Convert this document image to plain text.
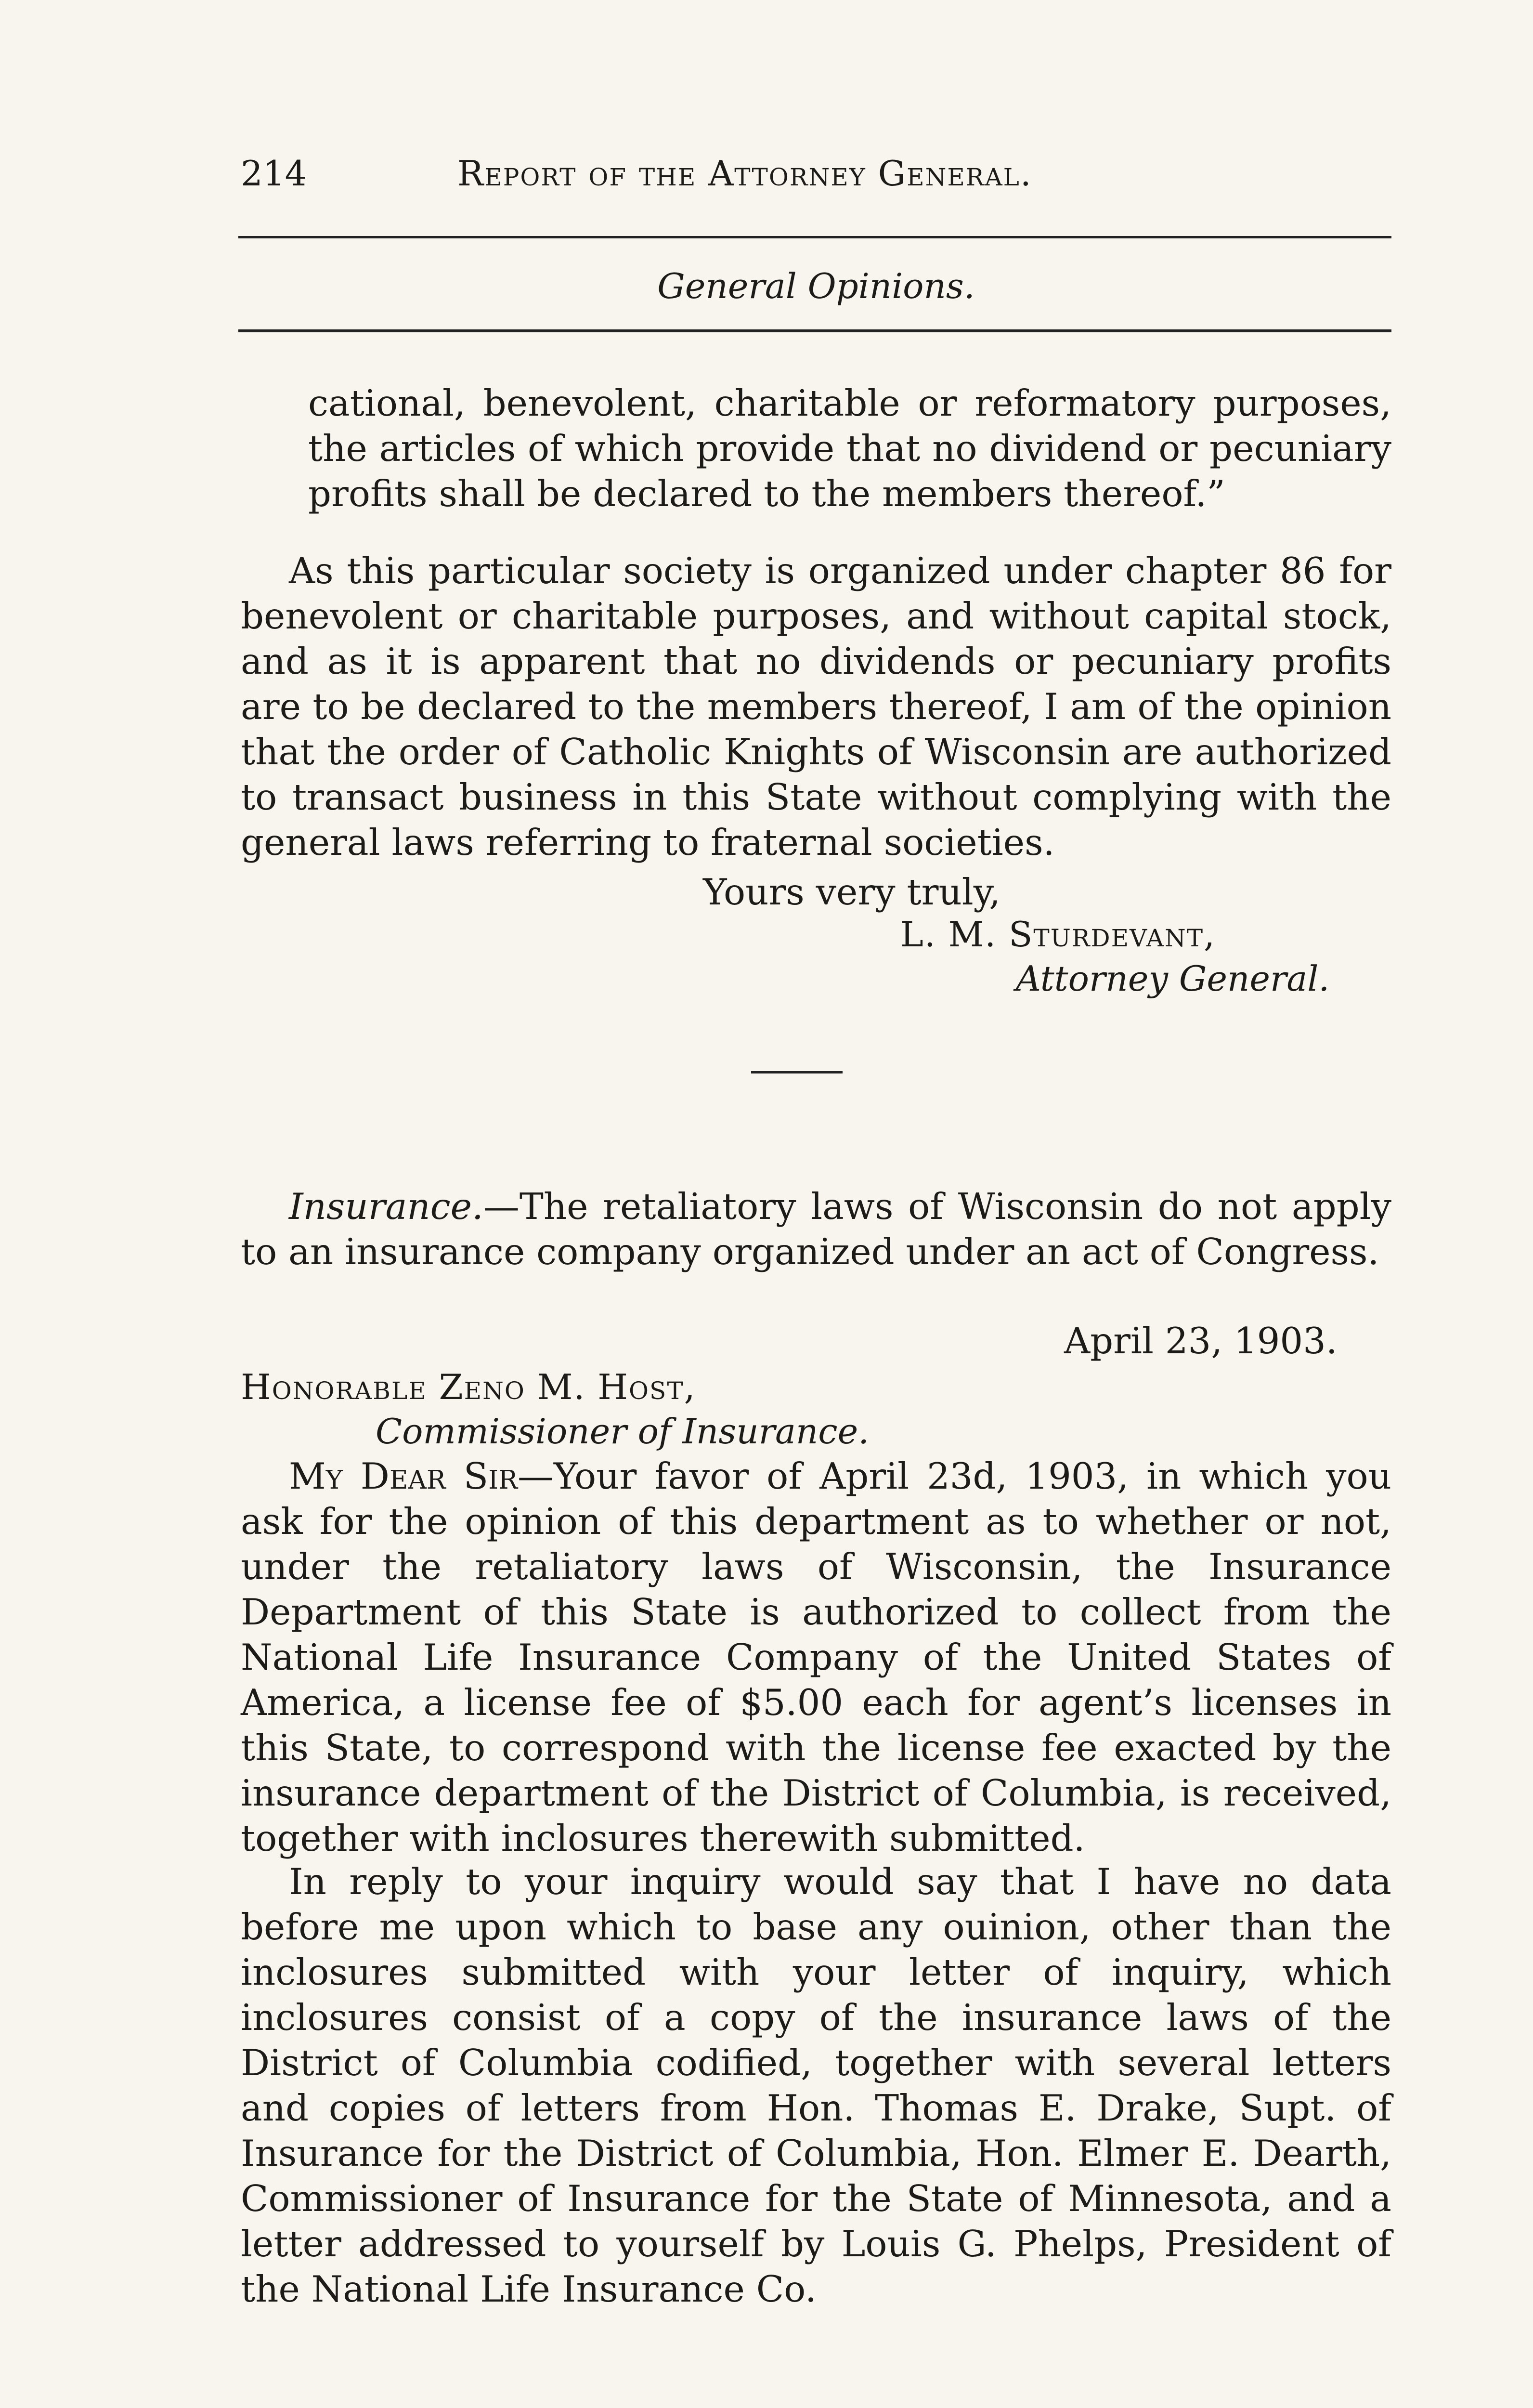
214	Report of the Attorney General.
General Opinions.

cational, benevolent, charitable or reformatory purposes, the articles of which provide that no dividend or pecuniary profits shall be declared to the members thereof.”

As this particular society is organized under chapter 86 for benevolent or charitable purposes, and without capital stock, and as it is apparent that no dividends or pecuniary profits are to be declared to the members thereof, I am of the opinion that the order of Catholic Knights of Wisconsin are authorized to transact business in this State without complying with the general laws referring to fraternal societies.

Yours very truly,
L. M. Sturdevant,
Attorney General.

Insurance.—The retaliatory laws of Wisconsin do not apply to an insurance company organized under an act of Congress.

April 23, 1903.
Honorable Zeno M. Host,
Commissioner of Insurance.

My Dear Sir—Your favor of April 23d, 1903, in which you ask for the opinion of this department as to whether or not, under the retaliatory laws of Wisconsin, the Insurance Department of this State is authorized to collect from the National Life Insurance Company of the United States of America, a license fee of $5.00 each for agent’s licenses in this State, to correspond with the license fee exacted by the insurance department of the District of Columbia, is received, together with inclosures therewith submitted.

In reply to your inquiry would say that I have no data before me upon which to base any ouinion, other than the inclosures submitted with your letter of inquiry, which inclosures consist of a copy of the insurance laws of the District of Columbia codified, together with several letters and copies of letters from Hon. Thomas E. Drake, Supt. of Insurance for the District of Columbia, Hon. Elmer E. Dearth, Commissioner of Insurance for the State of Minnesota, and a letter addressed to yourself by Louis G. Phelps, President of the National Life Insurance Co.
